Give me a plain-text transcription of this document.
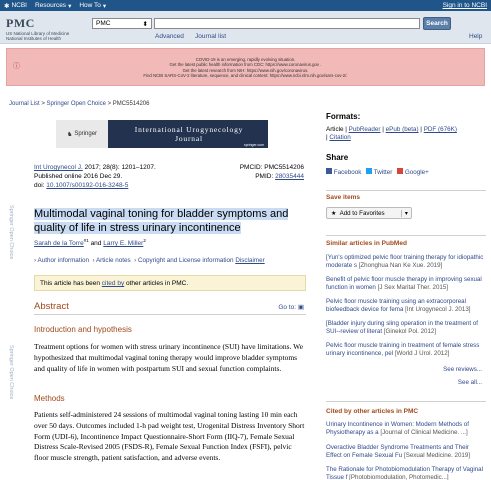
✱ NCBI Resources ▾ How To ▾	Sign in to NCBI
PMC
US National Library of Medicine
National Institutes of Health
PMC	⬍	Search
Advanced Journal list	Help
ⓘ
COVID-19 is an emerging, rapidly evolving situation.
Get the latest public health information from CDC: https://www.coronavirus.gov .
Get the latest research from NIH: https://www.nih.gov/coronavirus.
Find NCBI SARS-CoV-2 literature, sequence, and clinical content: https://www.ncbi.nlm.nih.gov/sars-cov-2/.
Journal List > Springer Open Choice > PMC5514206
♞ Springer	International Urogynecology
Journal
springer.com
Springer Open Choice
Springer Open Choice
Int Urogynecol J. 2017; 28(8): 1201–1207.
Published online 2016 Dec 29.
doi: 10.1007/s00192-016-3248-5
PMCID: PMC5514206
PMID: 28035444
Multimodal vaginal toning for bladder symptoms and quality of life in stress urinary incontinence
Sarah de la Torre$^{\#1}$ and Larry E. Miller$^2$
› Author information  › Article notes  › Copyright and License information Disclaimer
This article has been cited by other articles in PMC.
Abstract	Go to: ▣
Introduction and hypothesis
Treatment options for women with stress urinary incontinence (SUI) have limitations. We hypothesized that multimodal vaginal toning therapy would improve bladder symptoms and quality of life in women with postpartum SUI and sexual function complaints.
Methods
Patients self-administered 24 sessions of multimodal vaginal toning lasting 10 min each over 50 days. Outcomes included 1-h pad weight test, Urogenital Distress Inventory Short Form (UDI-6), Incontinence Impact Questionnaire-Short Form (IIQ-7), Female Sexual Distress Scale-Revised 2005 (FSDS-R), Female Sexual Function Index (FSFI), pelvic floor muscle strength, patient satisfaction, and adverse events.
Formats:
Article | PubReader | ePub (beta) | PDF (676K)
| Citation
Share
Facebook Twitter Google+
Save items
★ Add to Favorites	▾
Similar articles in PubMed
[Yun's optimized pelvic floor training therapy for idiopathic moderate s [Zhonghua Nan Ke Xue. 2019]
Benefit of pelvic floor muscle therapy in improving sexual function in women [J Sex Marital Ther. 2015]
Pelvic floor muscle training using an extracorporeal biofeedback device for fema [Int Urogynecol J. 2013]
[Bladder injury during sling operation in the treatment of SUI--review of literat [Ginekol Pol. 2012]
Pelvic floor muscle training in treatment of female stress urinary incontinence, pel [World J Urol. 2012]
See reviews...
See all...
Cited by other articles in PMC
Urinary Incontinence in Women: Modern Methods of Physiotherapy as a [Journal of Clinical Medicine. ...]
Overactive Bladder Syndrome Treatments and Their Effect on Female Sexual Fu [Sexual Medicine. 2019]
The Rationale for Photobiomodulation Therapy of Vaginal Tissue f [Photobiomodulation, Photomedic...]
